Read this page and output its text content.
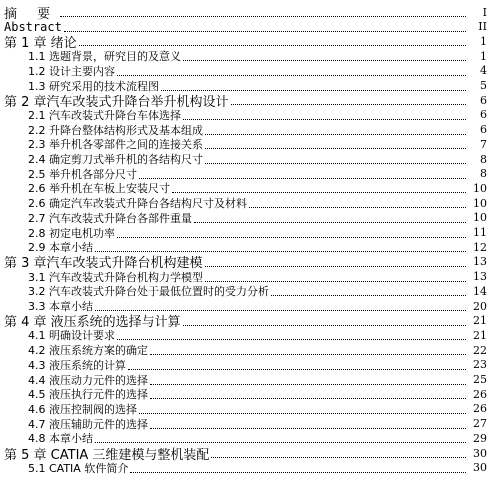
摘 要	I
Abstract	II
第 1 章 绪论	1
1.1 选题背景，研究目的及意义	1
1.2 设计主要内容	4
1.3 研究采用的技术流程图	5
第 2 章汽车改装式升降台举升机构设计	6
2.1 汽车改装式升降台车体选择	6
2.2 升降台整体结构形式及基本组成	6
2.3 举升机各零部件之间的连接关系	7
2.4 确定剪刀式举升机的各结构尺寸	8
2.5 举升机各部分尺寸	8
2.6 举升机在车板上安装尺寸	10
2.6 确定汽车改装式升降台各结构尺寸及材料	10
2.7 汽车改装式升降台各部件重量	10
2.8 初定电机功率	11
2.9 本章小结	12
第 3 章汽车改装式升降台机构建模	13
3.1 汽车改装式升降台机构力学模型	13
3.2 汽车改装式升降台处于最低位置时的受力分析	14
3.3 本章小结	20
第 4 章 液压系统的选择与计算	21
4.1 明确设计要求	21
4.2 液压系统方案的确定	22
4.3 液压系统的计算	23
4.4 液压动力元件的选择	25
4.5 液压执行元件的选择	26
4.6 液压控制阀的选择	26
4.7 液压辅助元件的选择	27
4.8 本章小结	29
第 5 章 CATIA 三维建模与整机装配	30
5.1 CATIA 软件简介	30
